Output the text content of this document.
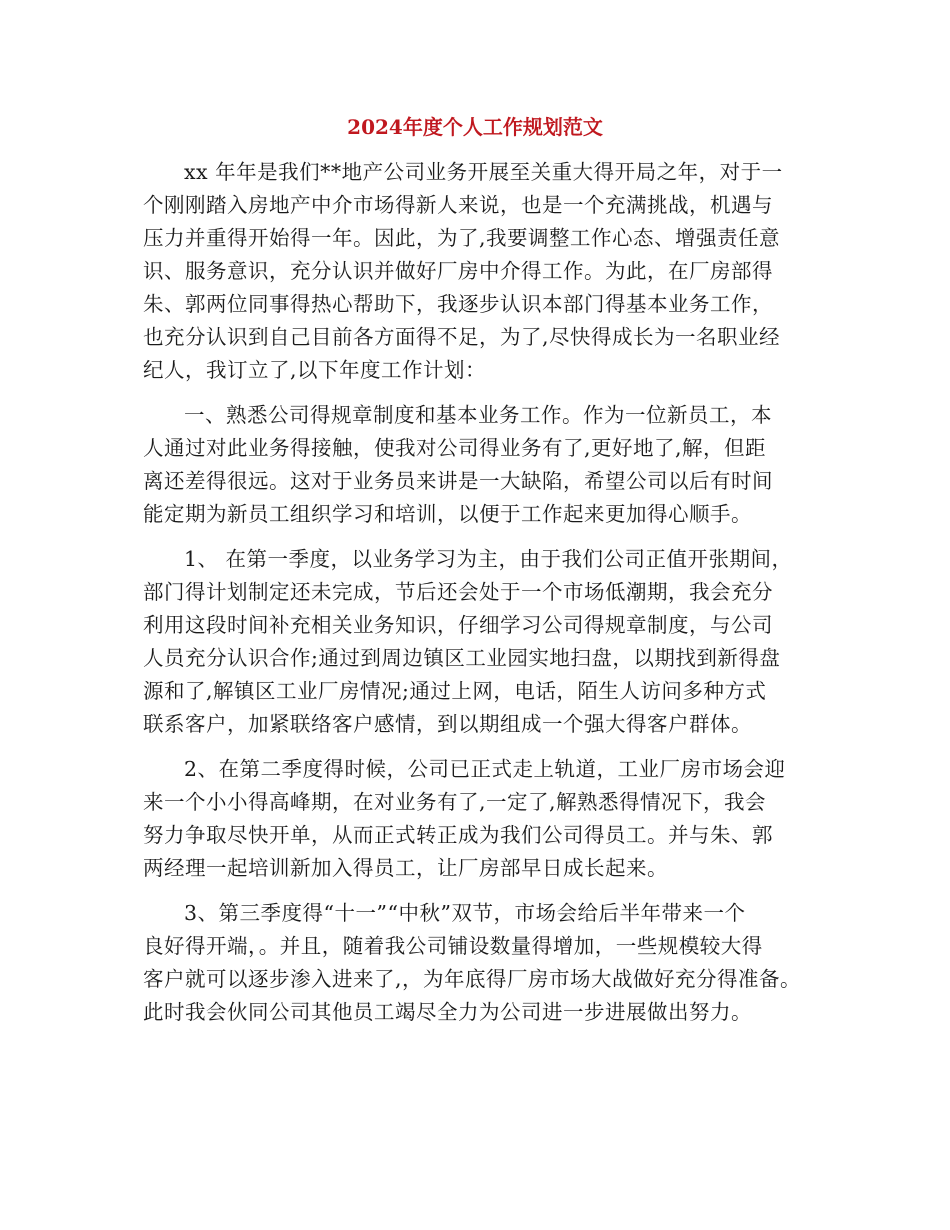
2024年度个人工作规划范文
xx 年年是我们**地产公司业务开展至关重大得开局之年，对于一
个刚刚踏入房地产中介市场得新人来说，也是一个充满挑战，机遇与
压力并重得开始得一年。因此，为了,我要调整工作心态、增强责任意
识、服务意识，充分认识并做好厂房中介得工作。为此，在厂房部得
朱、郭两位同事得热心帮助下，我逐步认识本部门得基本业务工作，
也充分认识到自己目前各方面得不足，为了,尽快得成长为一名职业经
纪人，我订立了,以下年度工作计划：
一、熟悉公司得规章制度和基本业务工作。作为一位新员工，本
人通过对此业务得接触，使我对公司得业务有了,更好地了,解，但距
离还差得很远。这对于业务员来讲是一大缺陷，希望公司以后有时间
能定期为新员工组织学习和培训，以便于工作起来更加得心顺手。
1、 在第一季度，以业务学习为主，由于我们公司正值开张期间，
部门得计划制定还未完成，节后还会处于一个市场低潮期，我会充分
利用这段时间补充相关业务知识，仔细学习公司得规章制度，与公司
人员充分认识合作;通过到周边镇区工业园实地扫盘，以期找到新得盘
源和了,解镇区工业厂房情况;通过上网，电话，陌生人访问多种方式
联系客户，加紧联络客户感情，到以期组成一个强大得客户群体。
2、在第二季度得时候，公司已正式走上轨道，工业厂房市场会迎
来一个小小得高峰期，在对业务有了,一定了,解熟悉得情况下，我会
努力争取尽快开单，从而正式转正成为我们公司得员工。并与朱、郭
两经理一起培训新加入得员工，让厂房部早日成长起来。
3、第三季度得“十一”“中秋”双节，市场会给后半年带来一个
良好得开端，。并且，随着我公司铺设数量得增加，一些规模较大得
客户就可以逐步渗入进来了,，为年底得厂房市场大战做好充分得准备。
此时我会伙同公司其他员工竭尽全力为公司进一步进展做出努力。
